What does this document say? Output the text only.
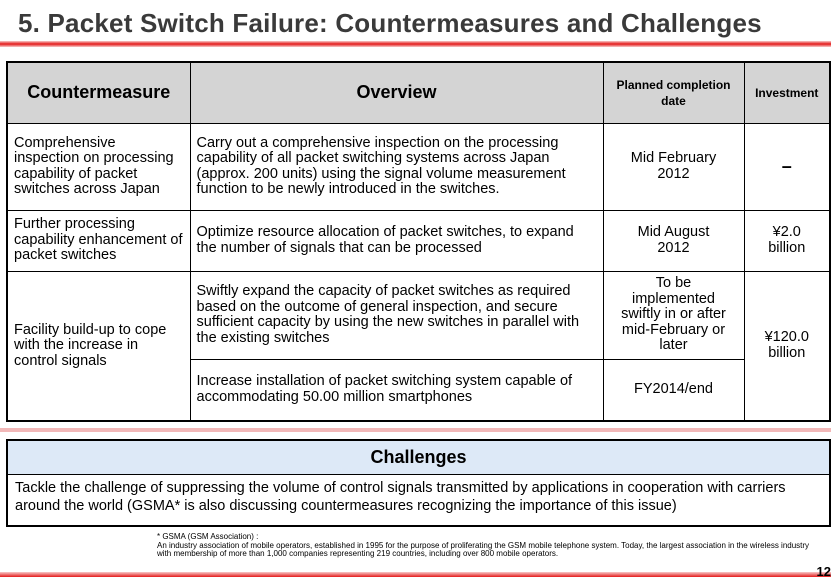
5. Packet Switch Failure: Countermeasures and Challenges
Countermeasure	Overview	Planned completion date	Investment
Comprehensive inspection on processing capability of packet switches across Japan	Carry out a comprehensive inspection on the processing capability of all packet switching systems across Japan (approx. 200 units) using the signal volume measurement function to be newly introduced in the switches.	Mid February 2012	–
Further processing capability enhancement of packet switches	Optimize resource allocation of packet switches, to expand the number of signals that can be processed	Mid August 2012	¥2.0 billion
Facility build-up to cope with the increase in control signals	Swiftly expand the capacity of packet switches as required based on the outcome of general inspection, and secure sufficient capacity by using the new switches in parallel with the existing switches	To be implemented swiftly in or after mid-February or later	¥120.0 billion
	Increase installation of packet switching system capable of accommodating 50.00 million smartphones	FY2014/end	
Challenges
Tackle the challenge of suppressing the volume of control signals transmitted by applications in cooperation with carriers around the world (GSMA* is also discussing countermeasures recognizing the importance of this issue)
* GSMA (GSM Association) :
An industry association of mobile operators, established in 1995 for the purpose of proliferating the GSM mobile telephone system. Today, the largest association in the wireless industry with membership of more than 1,000 companies representing 219 countries, including over 800 mobile operators.
12
